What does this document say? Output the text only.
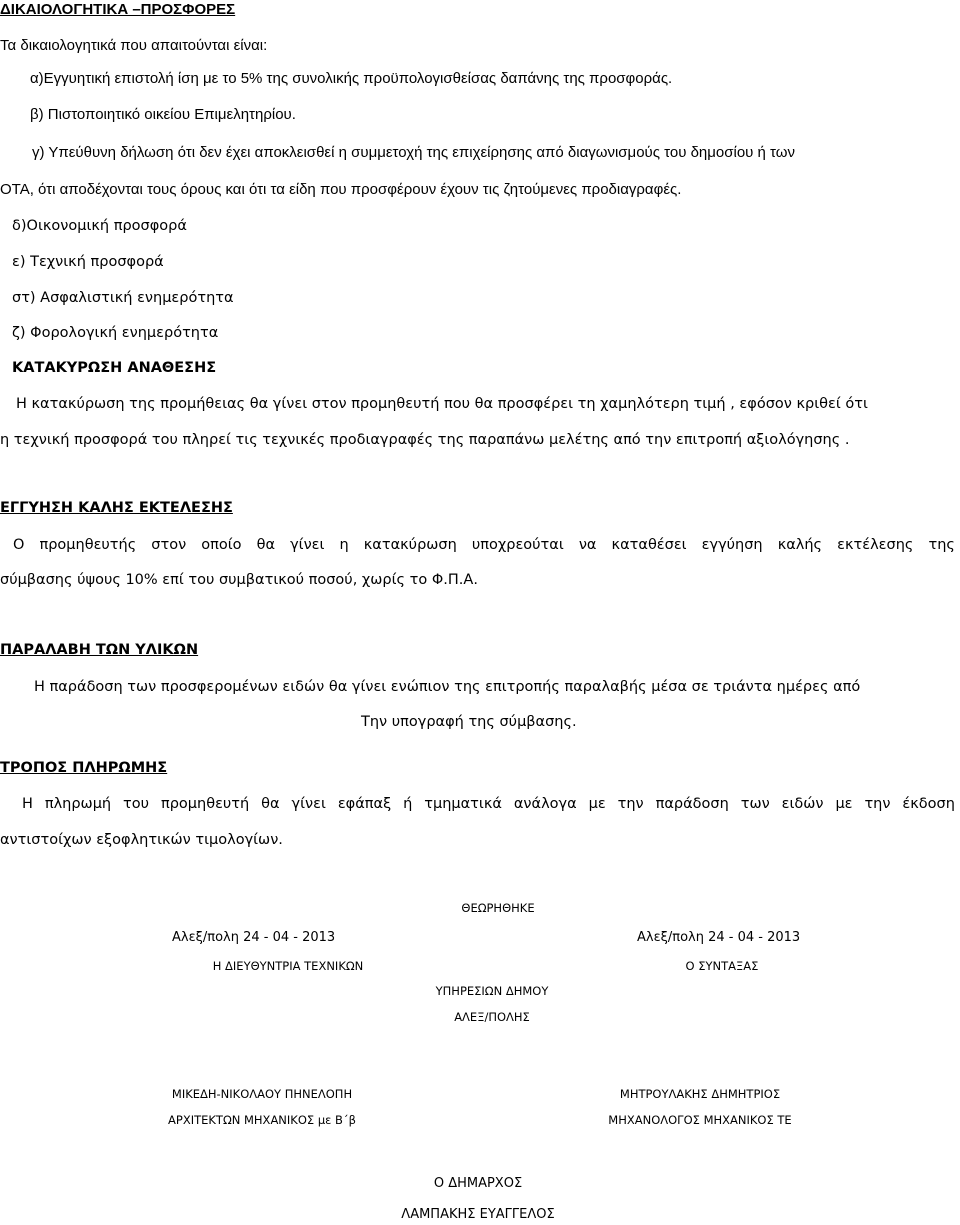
ΔΙΚΑΙΟΛΟΓΗΤΙΚΑ –ΠΡΟΣΦΟΡΕΣ
Τα δικαιολογητικά που απαιτούνται είναι:
α)Εγγυητική επιστολή ίση με το 5% της συνολικής προϋπολογισθείσας δαπάνης της προσφοράς.
β) Πιστοποιητικό οικείου Επιμελητηρίου.
γ) Υπεύθυνη δήλωση ότι δεν έχει αποκλεισθεί η συμμετοχή της επιχείρησης από διαγωνισμούς του δημοσίου ή των
ΟΤΑ, ότι αποδέχονται τους όρους και ότι τα είδη που προσφέρουν έχουν τις ζητούμενες προδιαγραφές.
δ)Οικονομική προσφορά
ε) Τεχνική προσφορά
στ) Ασφαλιστική ενημερότητα
ζ) Φορολογική ενημερότητα
ΚΑΤΑΚΥΡΩΣΗ ΑΝΑΘΕΣΗΣ
Η κατακύρωση της προμήθειας θα γίνει στον προμηθευτή που θα προσφέρει τη χαμηλότερη τιμή , εφόσον κριθεί ότι
η τεχνική προσφορά του πληρεί τις τεχνικές προδιαγραφές της παραπάνω μελέτης από την επιτροπή αξιολόγησης .
ΕΓΓΥΗΣΗ ΚΑΛΗΣ ΕΚΤΕΛΕΣΗΣ
Ο προμηθευτής στον οποίο θα γίνει η κατακύρωση υποχρεούται να καταθέσει εγγύηση καλής εκτέλεσης της
σύμβασης ύψους 10% επί του συμβατικού ποσού, χωρίς το Φ.Π.Α.
ΠΑΡΑΛΑΒΗ ΤΩΝ ΥΛΙΚΩΝ
Η παράδοση των προσφερομένων ειδών θα γίνει ενώπιον της επιτροπής παραλαβής μέσα σε τριάντα ημέρες από
Την υπογραφή της σύμβασης.
ΤΡΟΠΟΣ ΠΛΗΡΩΜΗΣ
Η πληρωμή του προμηθευτή θα γίνει εφάπαξ ή τμηματικά ανάλογα με την παράδοση των ειδών με την έκδοση
αντιστοίχων εξοφλητικών τιμολογίων.
ΘΕΩΡΗΘΗΚΕ
Αλεξ/πολη 24 - 04 - 2013	Αλεξ/πολη 24 - 04 - 2013
Η ΔΙΕΥΘΥΝΤΡΙΑ ΤΕΧΝΙΚΩΝ	Ο ΣΥΝΤΑΞΑΣ
ΥΠΗΡΕΣΙΩΝ ΔΗΜΟΥ
ΑΛΕΞ/ΠΟΛΗΣ
ΜΙΚΕΔΗ-ΝΙΚΟΛΑΟΥ ΠΗΝΕΛΟΠΗ
ΑΡΧΙΤΕΚΤΩΝ ΜΗΧΑΝΙΚΟΣ με Β΄β
ΜΗΤΡΟΥΛΑΚΗΣ ΔΗΜΗΤΡΙΟΣ
ΜΗΧΑΝΟΛΟΓΟΣ ΜΗΧΑΝΙΚΟΣ ΤΕ
Ο ΔΗΜΑΡΧΟΣ
ΛΑΜΠΑΚΗΣ ΕΥΑΓΓΕΛΟΣ
